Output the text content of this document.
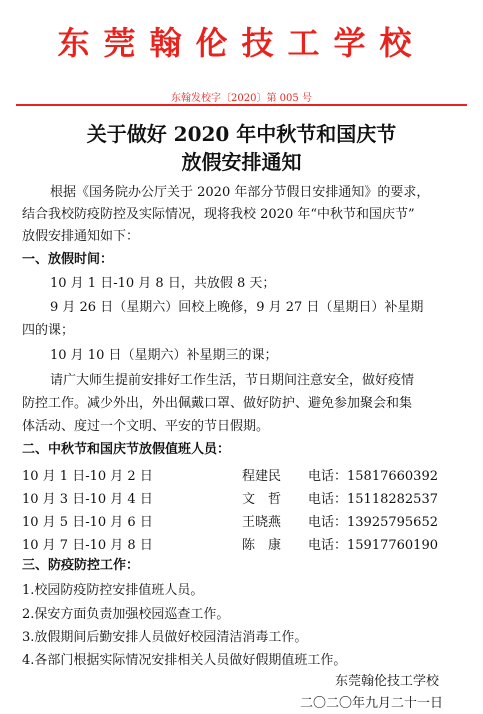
东莞翰伦技工学校
东翰发校字〔2020〕第 005 号
关于做好 2020 年中秋节和国庆节
放假安排通知
根据《国务院办公厅关于 2020 年部分节假日安排通知》的要求，
结合我校防疫防控及实际情况，现将我校 2020 年“中秋节和国庆节”
放假安排通知如下：
一、放假时间：
10 月 1 日-10 月 8 日，共放假 8 天；
9 月 26 日（星期六）回校上晚修，9 月 27 日（星期日）补星期
四的课；
10 月 10 日（星期六）补星期三的课；
请广大师生提前安排好工作生活，节日期间注意安全，做好疫情
防控工作。减少外出，外出佩戴口罩、做好防护、避免参加聚会和集
体活动、度过一个文明、平安的节日假期。
二、中秋节和国庆节放假值班人员：
10 月 1 日-10 月 2 日	程建民 电话：15817660392
10 月 3 日-10 月 4 日	文　哲 电话：15118282537
10 月 5 日-10 月 6 日	王晓燕 电话：13925795652
10 月 7 日-10 月 8 日	陈　康 电话：15917760190
三、防疫防控工作：
1.校园防疫防控安排值班人员。
2.保安方面负责加强校园巡查工作。
3.放假期间后勤安排人员做好校园清洁消毒工作。
4.各部门根据实际情况安排相关人员做好假期值班工作。
东莞翰伦技工学校
二〇二〇年九月二十一日
